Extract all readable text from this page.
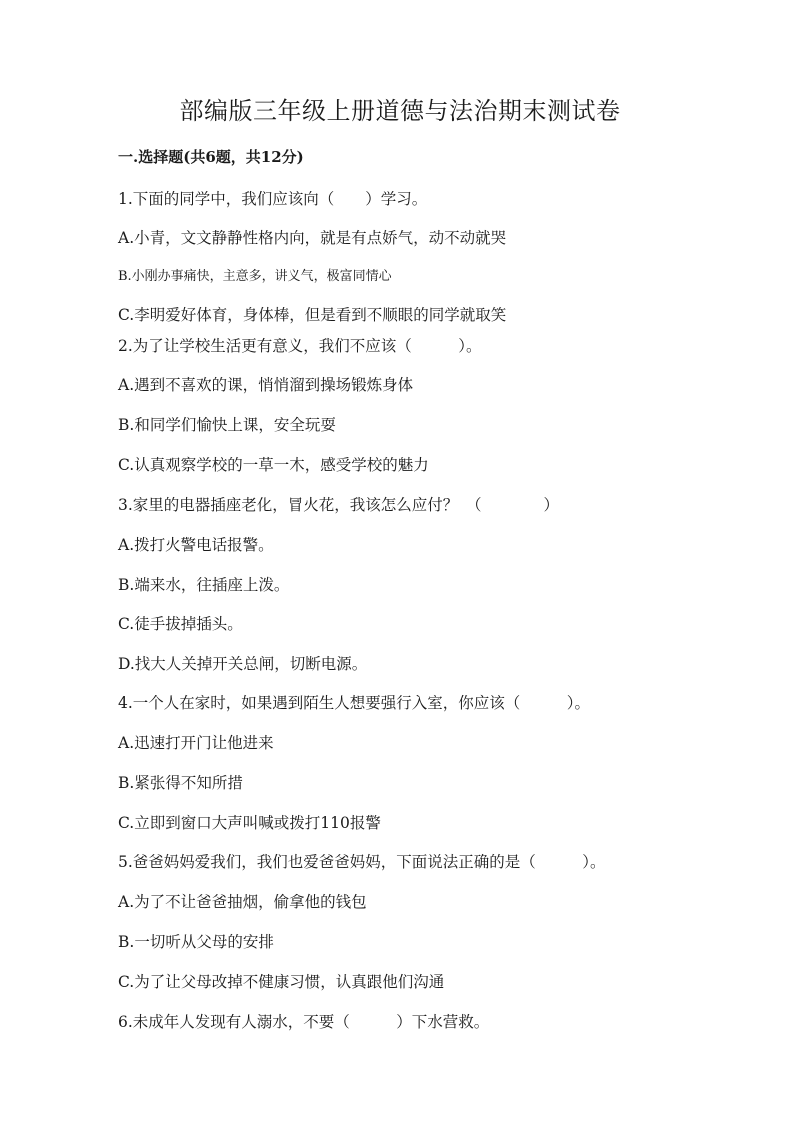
部编版三年级上册道德与法治期末测试卷
一.选择题(共6题，共12分)
1.下面的同学中，我们应该向（　　）学习。
A.小青，文文静静性格内向，就是有点娇气，动不动就哭
B.小刚办事痛快，主意多，讲义气，极富同情心
C.李明爱好体育，身体棒，但是看到不顺眼的同学就取笑
2.为了让学校生活更有意义，我们不应该（　　　）。
A.遇到不喜欢的课，悄悄溜到操场锻炼身体
B.和同学们愉快上课，安全玩耍
C.认真观察学校的一草一木，感受学校的魅力
3.家里的电器插座老化，冒火花，我该怎么应付？　（　　　　）
A.拨打火警电话报警。
B.端来水，往插座上泼。
C.徒手拔掉插头。
D.找大人关掉开关总闸，切断电源。
4.一个人在家时，如果遇到陌生人想要强行入室，你应该（　　　）。
A.迅速打开门让他进来
B.紧张得不知所措
C.立即到窗口大声叫喊或拨打110报警
5.爸爸妈妈爱我们，我们也爱爸爸妈妈，下面说法正确的是（　　　）。
A.为了不让爸爸抽烟，偷拿他的钱包
B.一切听从父母的安排
C.为了让父母改掉不健康习惯，认真跟他们沟通
6.未成年人发现有人溺水，不要（　　　）下水营救。
